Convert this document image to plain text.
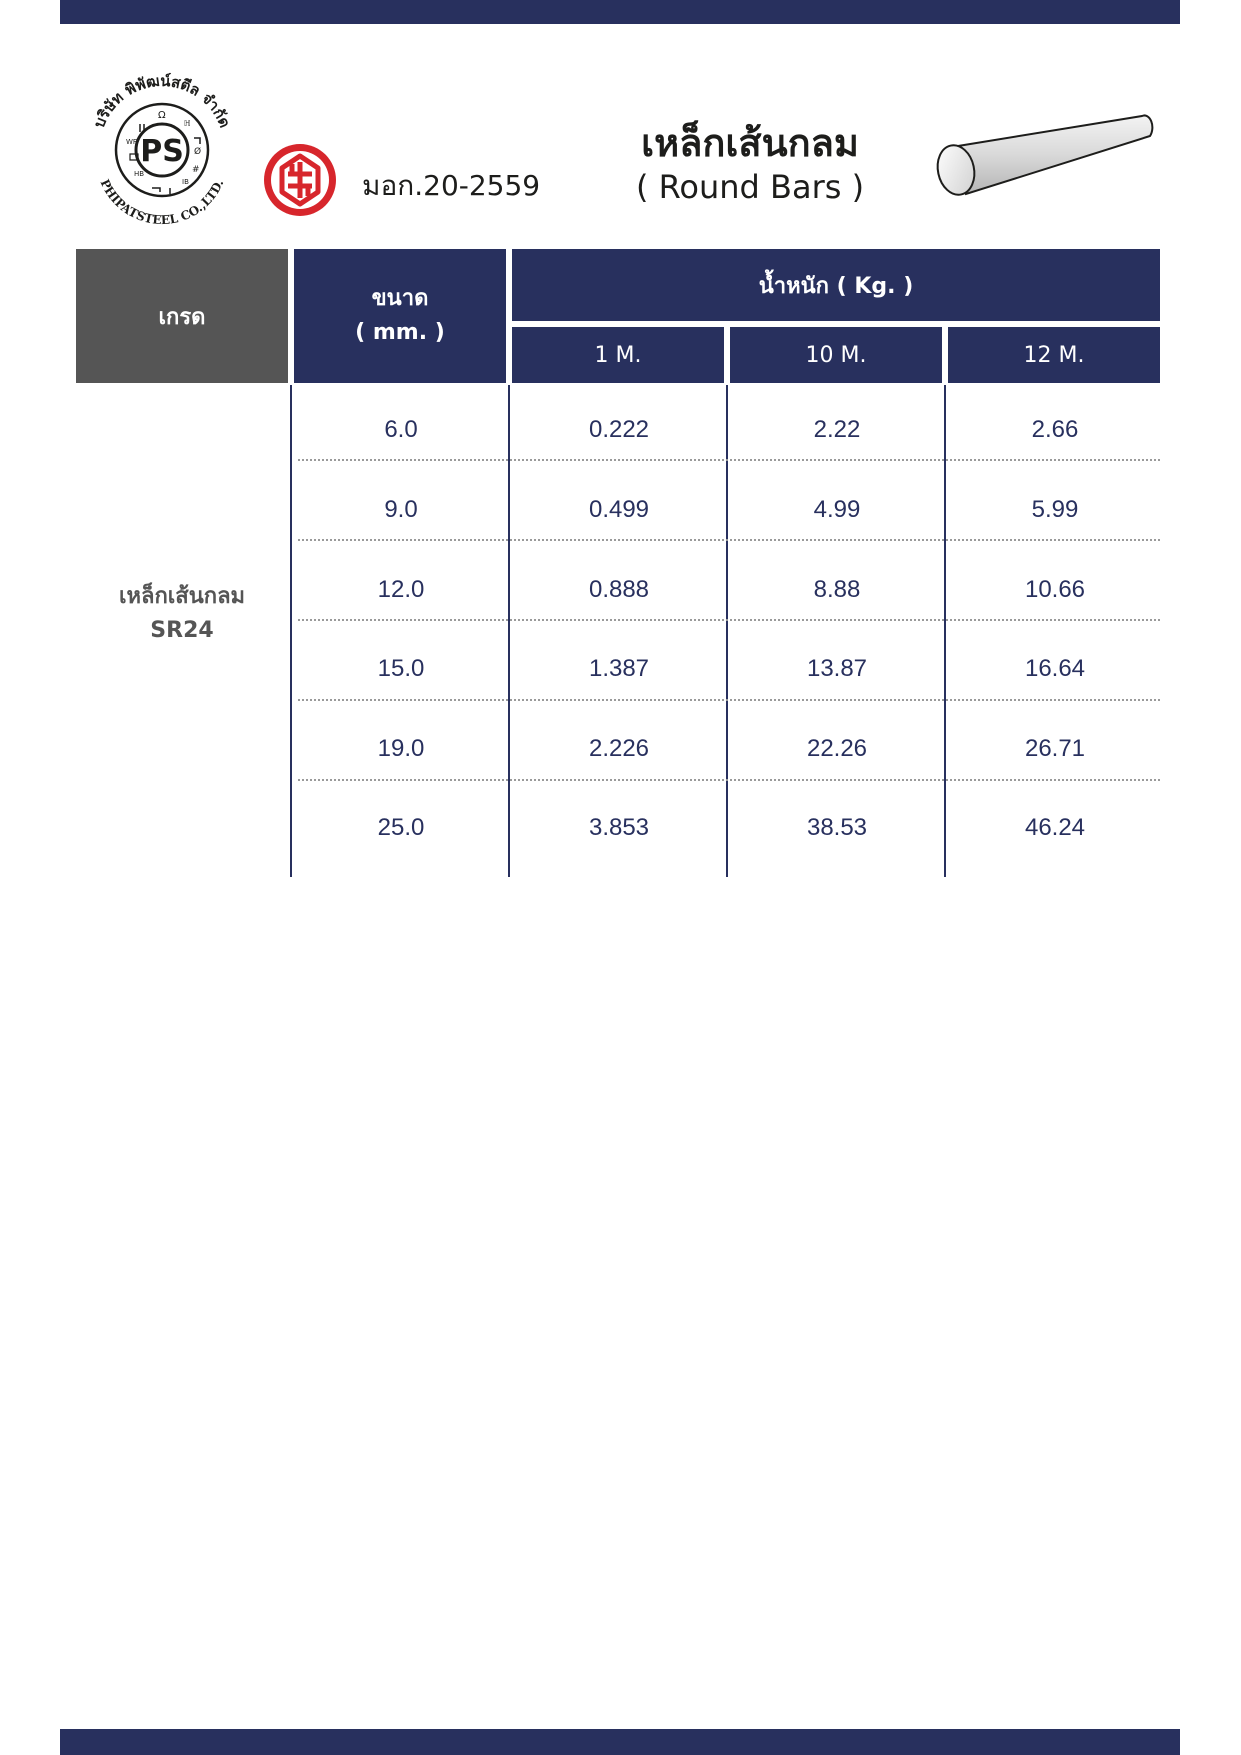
บริษัท พิพัฒน์สตีล จำกัด
PHIPATSTEEL CO.,LTD.
PS
WF
HB
IB
Ω
ℍ
Ø
#	มอก.20-2559
เหล็กเส้นกลม
( Round Bars )
เกรด
ขนาด
( mm. )
น้ำหนัก ( Kg. )
1 M.	10 M.	12 M.
เหล็กเส้นกลม
SR24
6.0	0.222	2.22	2.66
9.0	0.499	4.99	5.99
12.0	0.888	8.88	10.66
15.0	1.387	13.87	16.64
19.0	2.226	22.26	26.71
25.0	3.853	38.53	46.24
